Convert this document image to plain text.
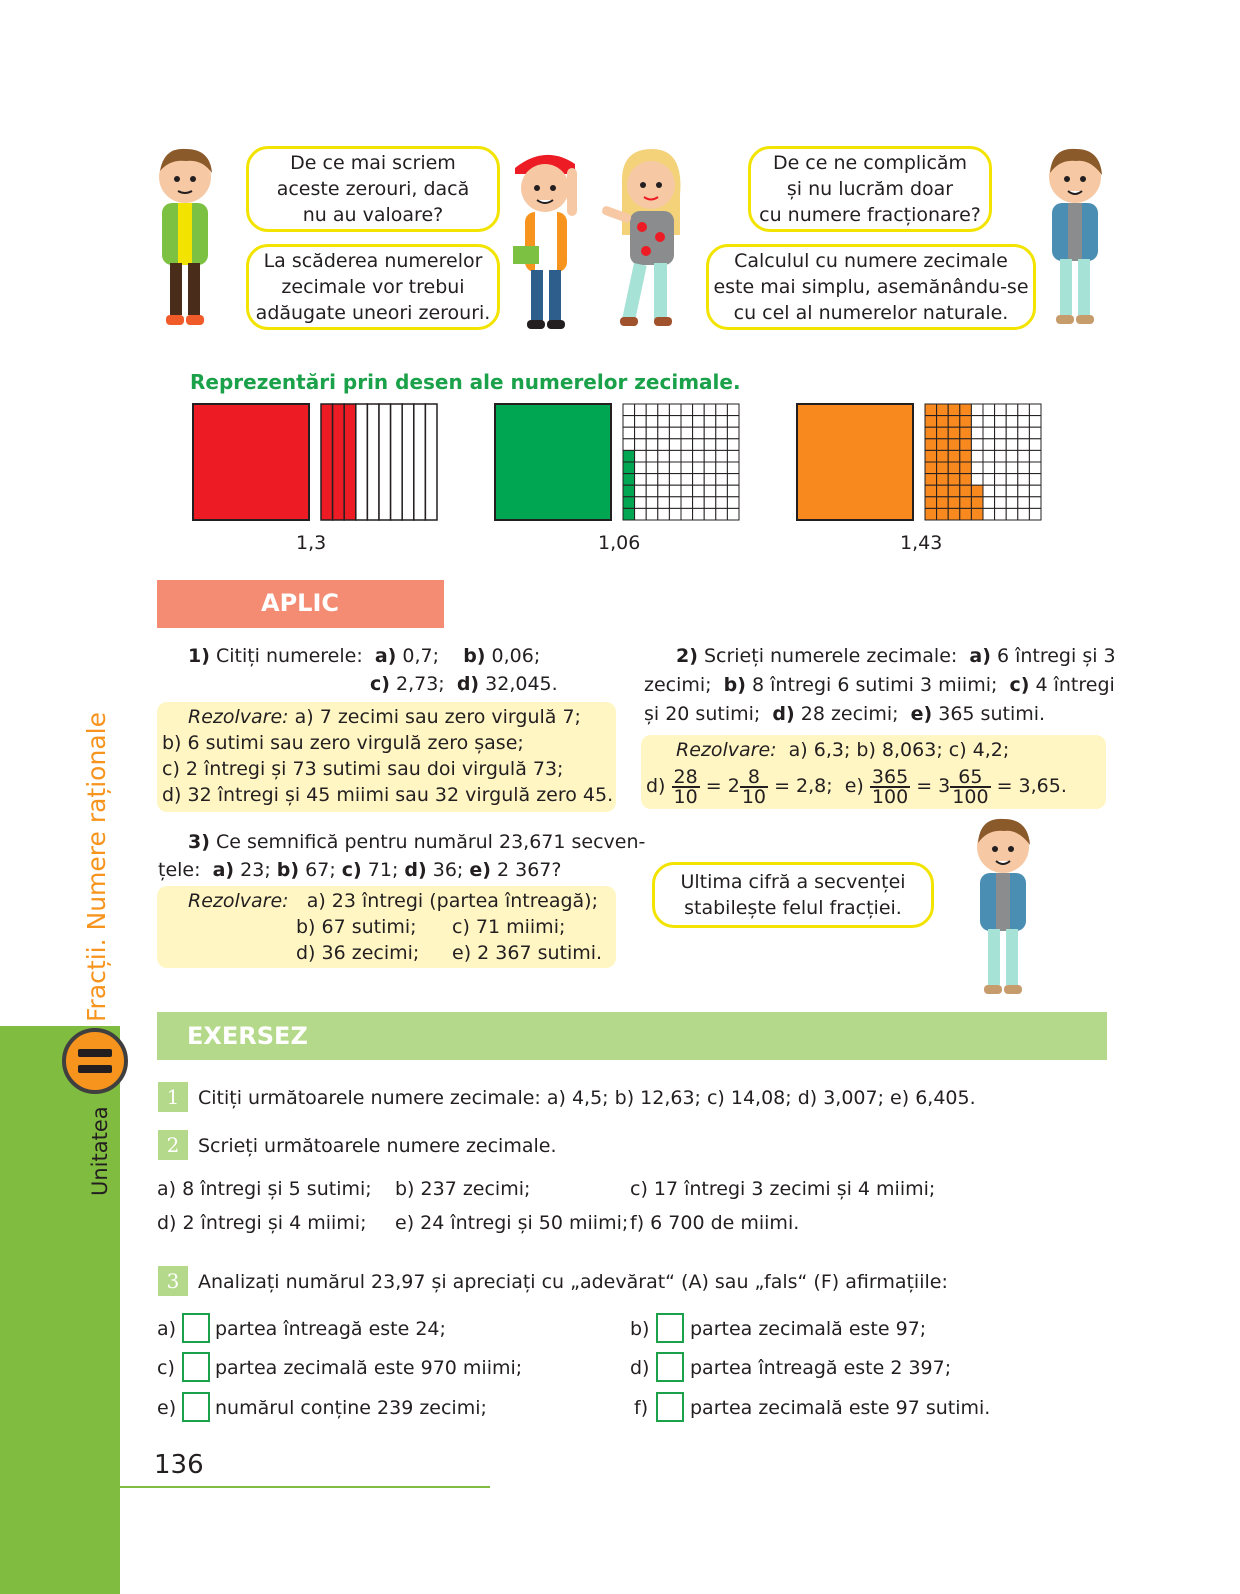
Fracții. Numere raționale
Unitatea
De ce mai scriem
aceste zerouri, dacă
nu au valoare?
La scăderea numerelor
zecimale vor trebui
adăugate uneori zerouri.
De ce ne complicăm
și nu lucrăm doar
cu numere fracționare?
Calculul cu numere zecimale
este mai simplu, asemănându-se
cu cel al numerelor naturale.
Ultima cifră a secvenței
stabilește felul fracției.
Reprezentări prin desen ale numerelor zecimale.
1,3	1,06	1,43
APLIC
1) Citiți numerele: a) 0,7; b) 0,06;
c) 2,73; d) 32,045.
Rezolvare: a) 7 zecimi sau zero virgulă 7;
b) 6 sutimi sau zero virgulă zero șase;
c) 2 întregi și 73 sutimi sau doi virgulă 73;
d) 32 întregi și 45 miimi sau 32 virgulă zero 45.
2) Scrieți numerele zecimale: a) 6 întregi și 3
zecimi; b) 8 întregi 6 sutimi 3 miimi; c) 4 întregi
și 20 sutimi; d) 28 zecimi; e) 365 sutimi.
Rezolvare: a) 6,3; b) 8,063; c) 4,2;
$d) \frac{28}{10} = 2 \frac{8}{10} = 2,8$; $e) \frac{365}{100} = 3 \frac{65}{100} = 3,65$.
3) Ce semnifică pentru numărul 23,671 secven-
țele: a) 23; b) 67; c) 71; d) 36; e) 2 367?
Rezolvare: a) 23 întregi (partea întreagă);
b) 67 sutimi; c) 71 miimi;
d) 36 zecimi; e) 2 367 sutimi.
EXERSEZ
1 Citiți următoarele numere zecimale: a) 4,5; b) 12,63; c) 14,08; d) 3,007; e) 6,405.
2 Scrieți următoarele numere zecimale.
a) 8 întregi și 5 sutimi; b) 237 zecimi;	c) 17 întregi 3 zecimi și 4 miimi;
d) 2 întregi și 4 miimi; e) 24 întregi și 50 miimi; f) 6 700 de miimi.
3 Analizați numărul 23,97 și apreciați cu „adevărat“ (A) sau „fals“ (F) afirmațiile:
a) partea întreagă este 24;	b) partea zecimală este 97;
c) partea zecimală este 970 miimi;	d) partea întreagă este 2 397;
e) numărul conține 239 zecimi;	f) partea zecimală este 97 sutimi.
136
